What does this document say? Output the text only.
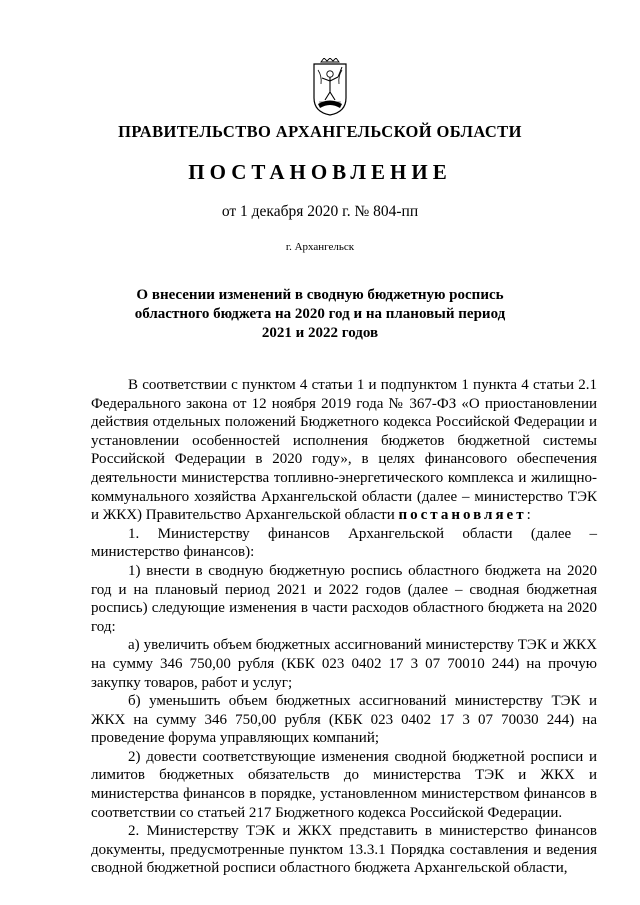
ПРАВИТЕЛЬСТВО АРХАНГЕЛЬСКОЙ ОБЛАСТИ
ПОСТАНОВЛЕНИЕ
от 1 декабря 2020 г. № 804-пп
г. Архангельск
О внесении изменений в сводную бюджетную роспись
областного бюджета на 2020 год и на плановый период
2021 и 2022 годов

В соответствии с пунктом 4 статьи 1 и подпунктом 1 пункта 4 статьи 2.1 Федерального закона от 12 ноября 2019 года № 367-ФЗ «О приостановлении действия отдельных положений Бюджетного кодекса Российской Федерации и установлении особенностей исполнения бюджетов бюджетной системы Российской Федерации в 2020 году», в целях финансового обеспечения деятельности министерства топливно-энергетического комплекса и жилищно-коммунального хозяйства Архангельской области (далее – министерство ТЭК и ЖКХ) Правительство Архангельской области постановляет:

1. Министерству финансов Архангельской области (далее – министерство финансов):

1) внести в сводную бюджетную роспись областного бюджета на 2020 год и на плановый период 2021 и 2022 годов (далее – сводная бюджетная роспись) следующие изменения в части расходов областного бюджета на 2020 год:

а) увеличить объем бюджетных ассигнований министерству ТЭК и ЖКХ на сумму 346 750,00 рубля (КБК 023 0402 17 3 07 70010 244) на прочую закупку товаров, работ и услуг;

б) уменьшить объем бюджетных ассигнований министерству ТЭК и ЖКХ на сумму 346 750,00 рубля (КБК 023 0402 17 3 07 70030 244) на проведение форума управляющих компаний;

2) довести соответствующие изменения сводной бюджетной росписи и лимитов бюджетных обязательств до министерства ТЭК и ЖКХ и министерства финансов в порядке, установленном министерством финансов в соответствии со статьей 217 Бюджетного кодекса Российской Федерации.

2. Министерству ТЭК и ЖКХ представить в министерство финансов документы, предусмотренные пунктом 13.3.1 Порядка составления и ведения сводной бюджетной росписи областного бюджета Архангельской области,
